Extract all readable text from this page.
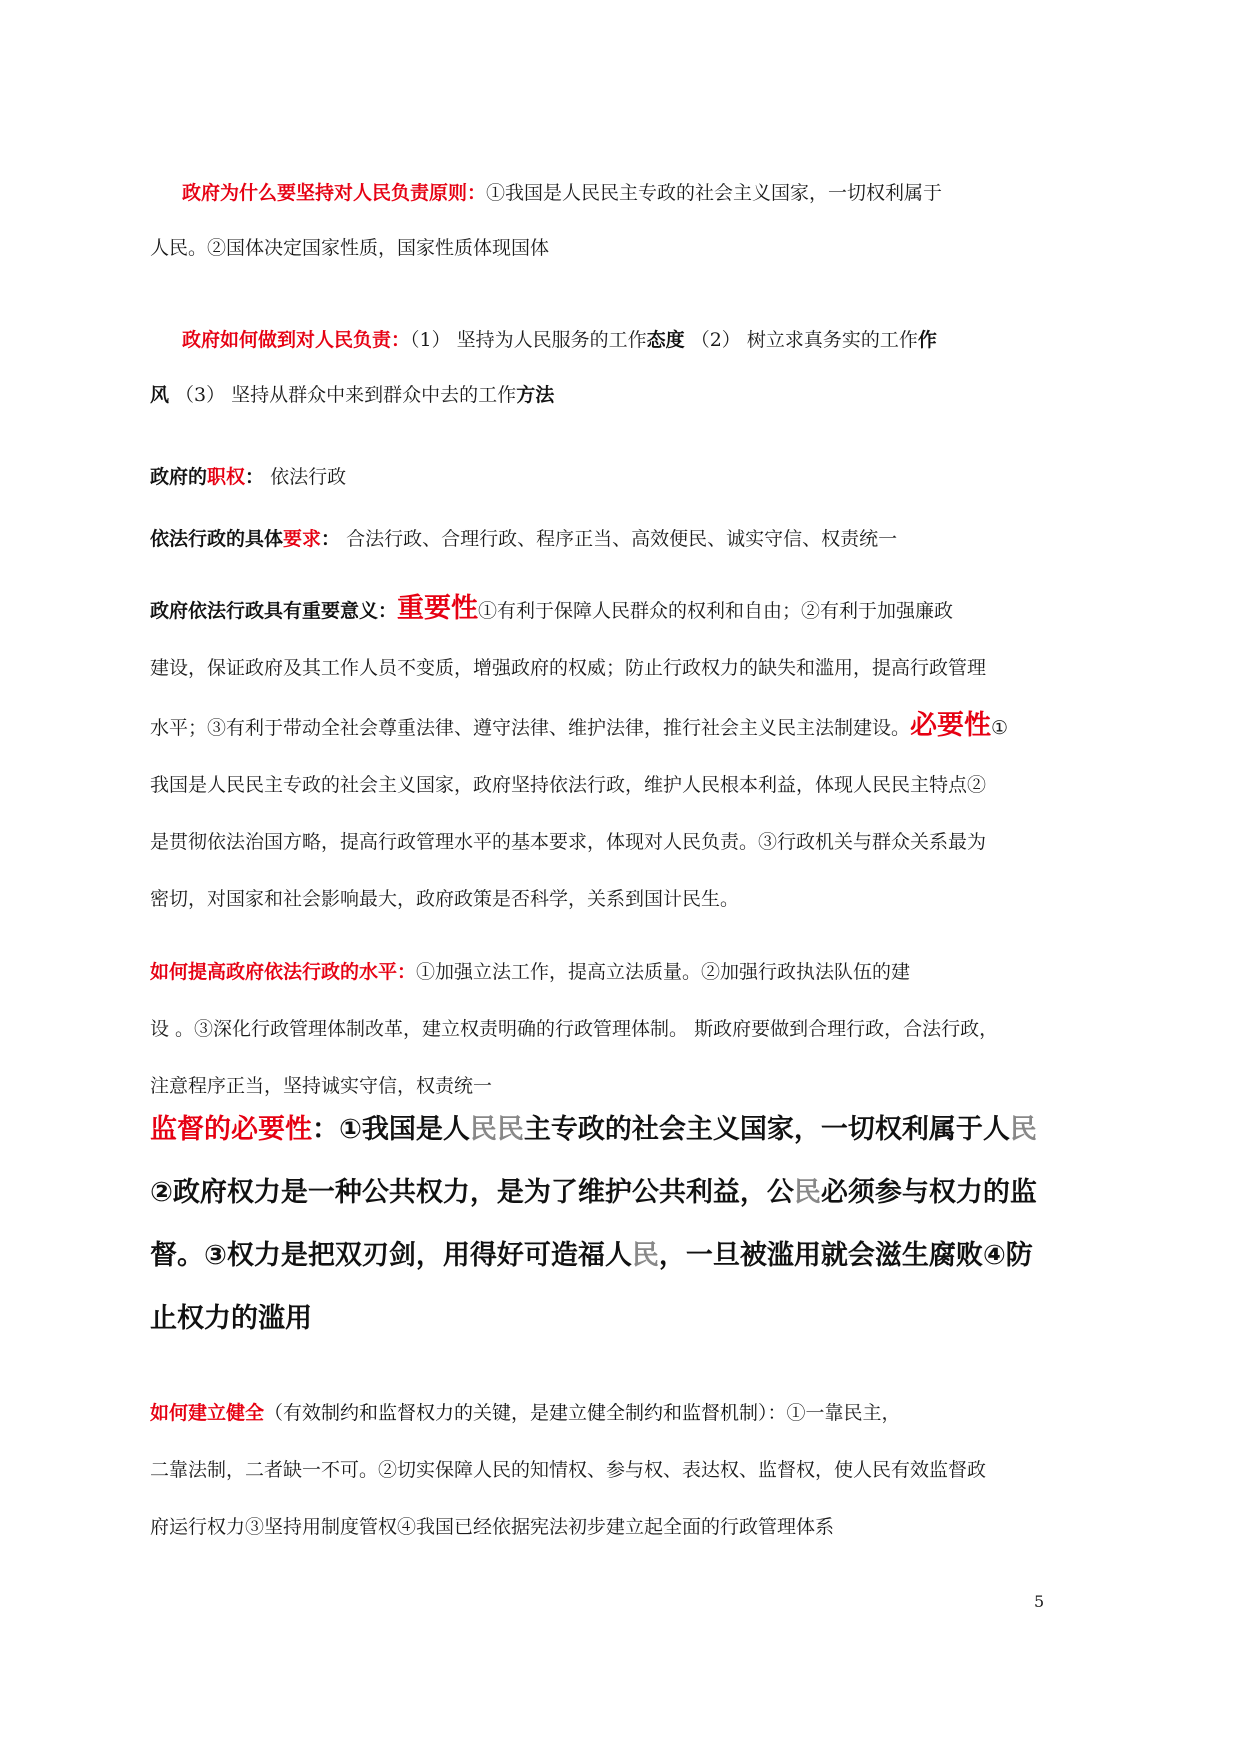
政府为什么要坚持对人民负责原则：①我国是人民民主专政的社会主义国家，一切权利属于
人民。②国体决定国家性质，国家性质体现国体
政府如何做到对人民负责：（1） 坚持为人民服务的工作态度 （2） 树立求真务实的工作作
风 （3） 坚持从群众中来到群众中去的工作方法
政府的职权： 依法行政
依法行政的具体要求： 合法行政、合理行政、程序正当、高效便民、诚实守信、权责统一
政府依法行政具有重要意义：重要性①有利于保障人民群众的权利和自由；②有利于加强廉政
建设，保证政府及其工作人员不变质，增强政府的权威；防止行政权力的缺失和滥用，提高行政管理
水平；③有利于带动全社会尊重法律、遵守法律、维护法律，推行社会主义民主法制建设。必要性①
我国是人民民主专政的社会主义国家，政府坚持依法行政，维护人民根本利益，体现人民民主特点②
是贯彻依法治国方略，提高行政管理水平的基本要求，体现对人民负责。③行政机关与群众关系最为
密切，对国家和社会影响最大，政府政策是否科学，关系到国计民生。
如何提高政府依法行政的水平：①加强立法工作，提高立法质量。②加强行政执法队伍的建
设 。③深化行政管理体制改革，建立权责明确的行政管理体制。 斯政府要做到合理行政，合法行政，
注意程序正当，坚持诚实守信，权责统一
监督的必要性：①我国是人民民主专政的社会主义国家，一切权利属于人民
②政府权力是一种公共权力，是为了维护公共利益，公民必须参与权力的监
督。③权力是把双刃剑，用得好可造福人民，一旦被滥用就会滋生腐败④防
止权力的滥用
如何建立健全（有效制约和监督权力的关键，是建立健全制约和监督机制）：①一靠民主，
二靠法制，二者缺一不可。②切实保障人民的知情权、参与权、表达权、监督权，使人民有效监督政
府运行权力③坚持用制度管权④我国已经依据宪法初步建立起全面的行政管理体系
5
